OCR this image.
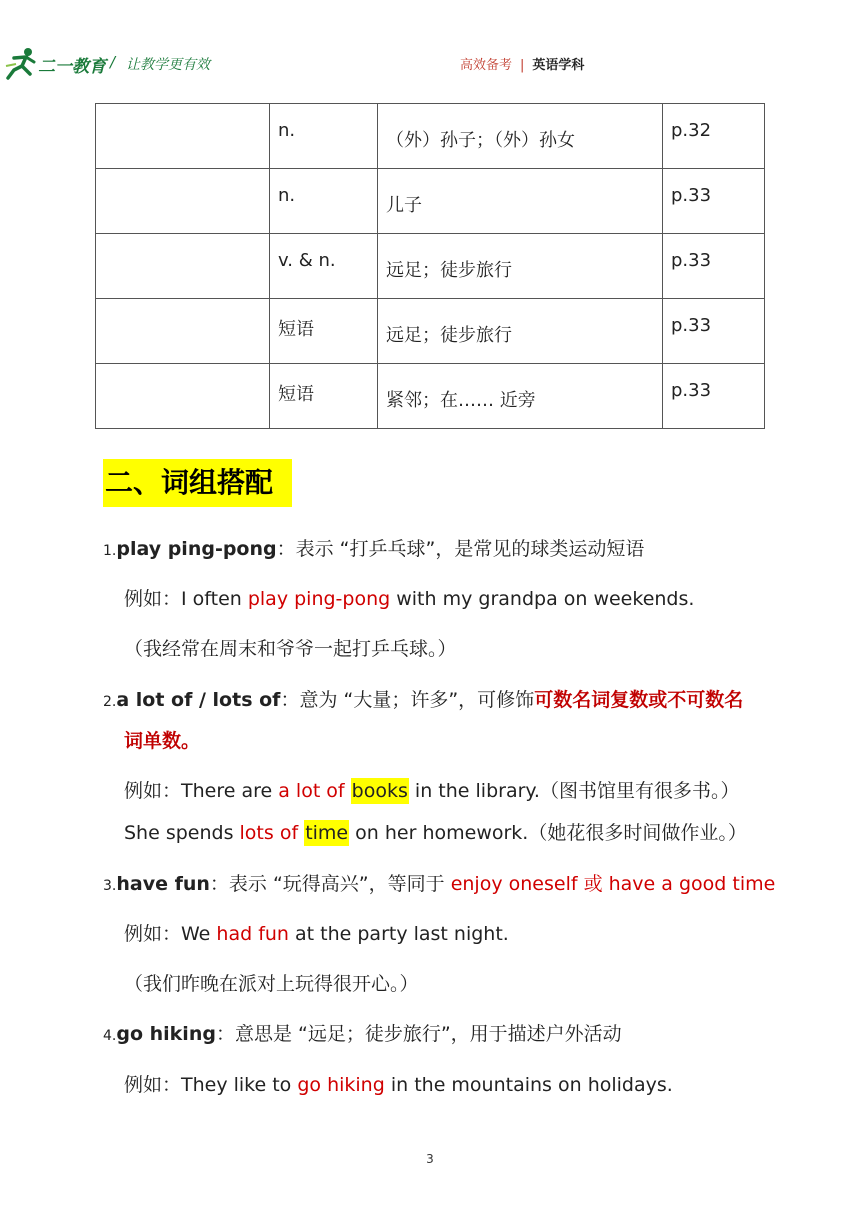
二一教育 / 让教学更有效	高效备考 | 英语学科
	n.	（外）孙子；（外）孙女	p.32
	n.	儿子	p.33
	v. & n.	远足；徒步旅行	p.33
	短语	远足；徒步旅行	p.33
	短语	紧邻；在…… 近旁	p.33
二、词组搭配
1.play ping-pong：表示 “打乒乓球”，是常见的球类运动短语
例如：I often play ping-pong with my grandpa on weekends.
（我经常在周末和爷爷一起打乒乓球。）
2.a lot of / lots of：意为 “大量；许多”，可修饰可数名词复数或不可数名
词单数。
例如：There are a lot of books in the library.（图书馆里有很多书。）
She spends lots of time on her homework.（她花很多时间做作业。）
3.have fun：表示 “玩得高兴”，等同于 enjoy oneself 或 have a good time
例如：We had fun at the party last night.
（我们昨晚在派对上玩得很开心。）
4.go hiking：意思是 “远足；徒步旅行”，用于描述户外活动
例如：They like to go hiking in the mountains on holidays.
3
